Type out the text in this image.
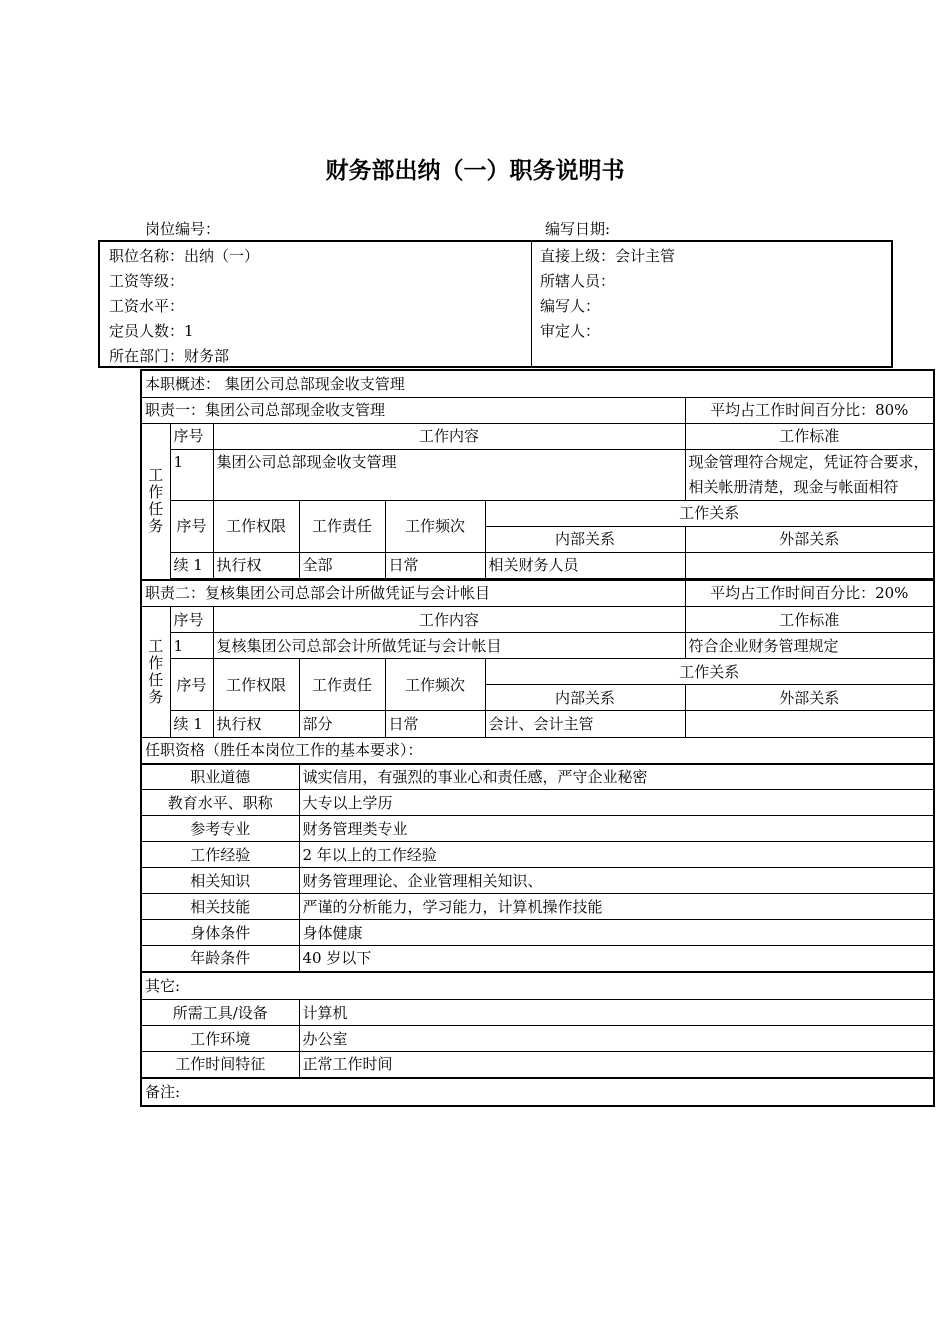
财务部出纳（一）职务说明书
岗位编号：	编写日期:
职位名称：出纳（一）
工资等级：
工资水平：
定员人数：1
所在部门：财务部
直接上级：会计主管
所辖人员：
编写人：
审定人：
本职概述： 集团公司总部现金收支管理						
职责一：集团公司总部现金收支管理						平均占工作时间百分比：80%
工作任务	序号	工作内容				工作标准
	1	集团公司总部现金收支管理				现金管理符合规定，凭证符合要求，相关帐册清楚，现金与帐面相符
	序号	工作权限	工作责任	工作频次	工作关系	
					内部关系	外部关系
	续 1	执行权	全部	日常	相关财务人员	

职责二：复核集团公司总部会计所做凭证与会计帐目						平均占工作时间百分比：20%
工作任务	序号	工作内容				工作标准
	1	复核集团公司总部会计所做凭证与会计帐目				符合企业财务管理规定
	序号	工作权限	工作责任	工作频次	工作关系	
					内部关系	外部关系
	续 1	执行权	部分	日常	会计、会计主管	
任职资格（胜任本岗位工作的基本要求）：						
职业道德			诚实信用，有强烈的事业心和责任感，严守企业秘密			
教育水平、职称			大专以上学历			
参考专业			财务管理类专业			
工作经验			2 年以上的工作经验			
相关知识			财务管理理论、企业管理相关知识、			
相关技能			严谨的分析能力，学习能力，计算机操作技能			
身体条件			身体健康			
年龄条件			40 岁以下			
其它:						
所需工具/设备			计算机			
工作环境			办公室			
工作时间特征			正常工作时间			
备注:						
